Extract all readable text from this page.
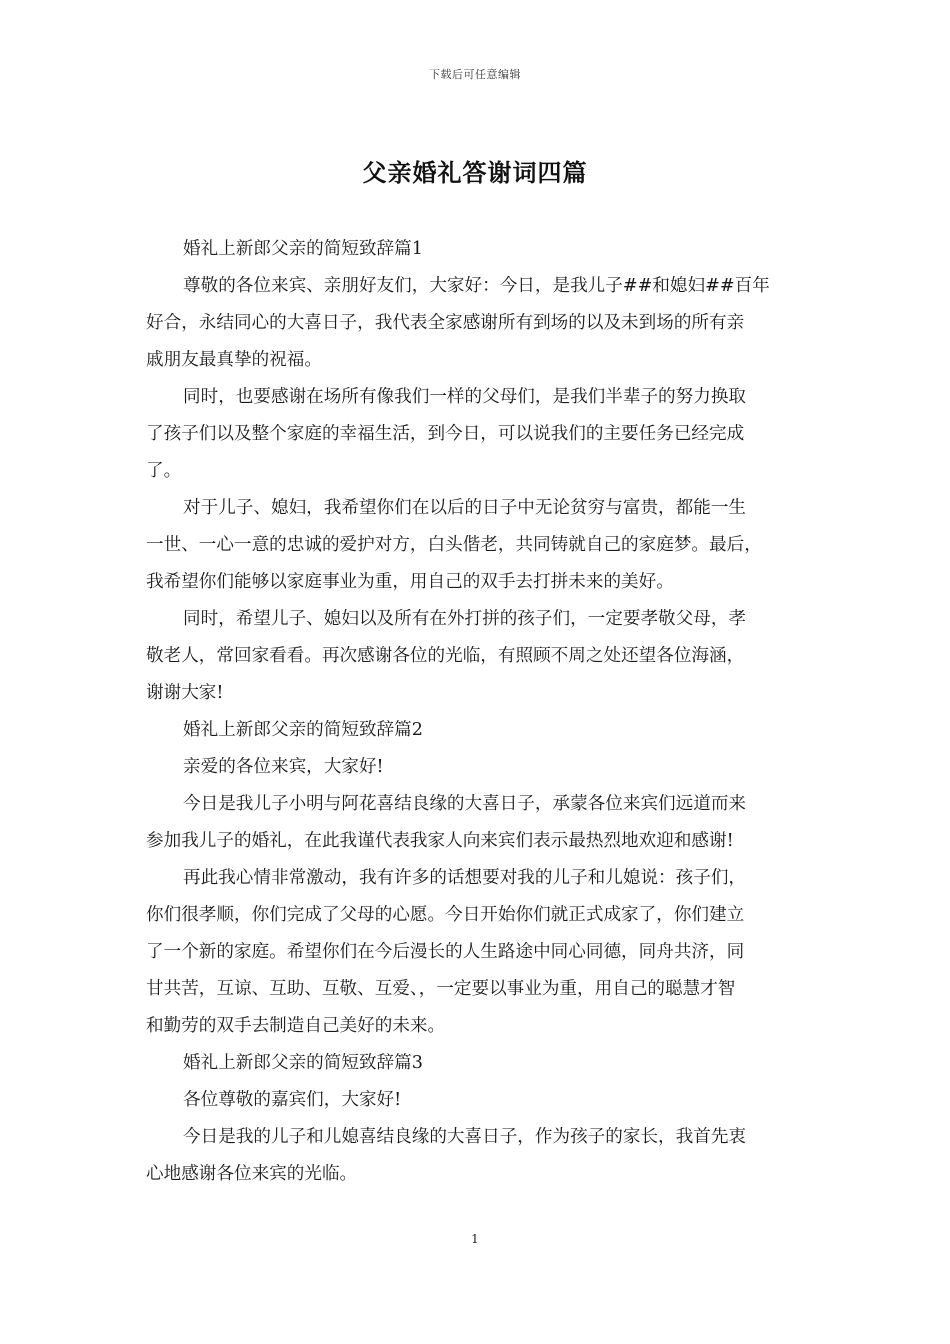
下载后可任意编辑
父亲婚礼答谢词四篇

婚礼上新郎父亲的简短致辞篇1

尊敬的各位来宾、亲朋好友们，大家好：今日，是我儿子##和媳妇##百年
好合，永结同心的大喜日子，我代表全家感谢所有到场的以及未到场的所有亲
戚朋友最真挚的祝福。

同时，也要感谢在场所有像我们一样的父母们，是我们半辈子的努力换取
了孩子们以及整个家庭的幸福生活，到今日，可以说我们的主要任务已经完成
了。

对于儿子、媳妇，我希望你们在以后的日子中无论贫穷与富贵，都能一生
一世、一心一意的忠诚的爱护对方，白头偕老，共同铸就自己的家庭梦。最后，
我希望你们能够以家庭事业为重，用自己的双手去打拼未来的美好。

同时，希望儿子、媳妇以及所有在外打拼的孩子们，一定要孝敬父母，孝
敬老人，常回家看看。再次感谢各位的光临，有照顾不周之处还望各位海涵，
谢谢大家!

婚礼上新郎父亲的简短致辞篇2

亲爱的各位来宾，大家好!

今日是我儿子小明与阿花喜结良缘的大喜日子，承蒙各位来宾们远道而来
参加我儿子的婚礼，在此我谨代表我家人向来宾们表示最热烈地欢迎和感谢!

再此我心情非常激动，我有许多的话想要对我的儿子和儿媳说：孩子们，
你们很孝顺，你们完成了父母的心愿。今日开始你们就正式成家了，你们建立
了一个新的家庭。希望你们在今后漫长的人生路途中同心同德，同舟共济，同
甘共苦，互谅、互助、互敬、互爱、，一定要以事业为重，用自己的聪慧才智
和勤劳的双手去制造自己美好的未来。

婚礼上新郎父亲的简短致辞篇3

各位尊敬的嘉宾们，大家好!

今日是我的儿子和儿媳喜结良缘的大喜日子，作为孩子的家长，我首先衷
心地感谢各位来宾的光临。

1
